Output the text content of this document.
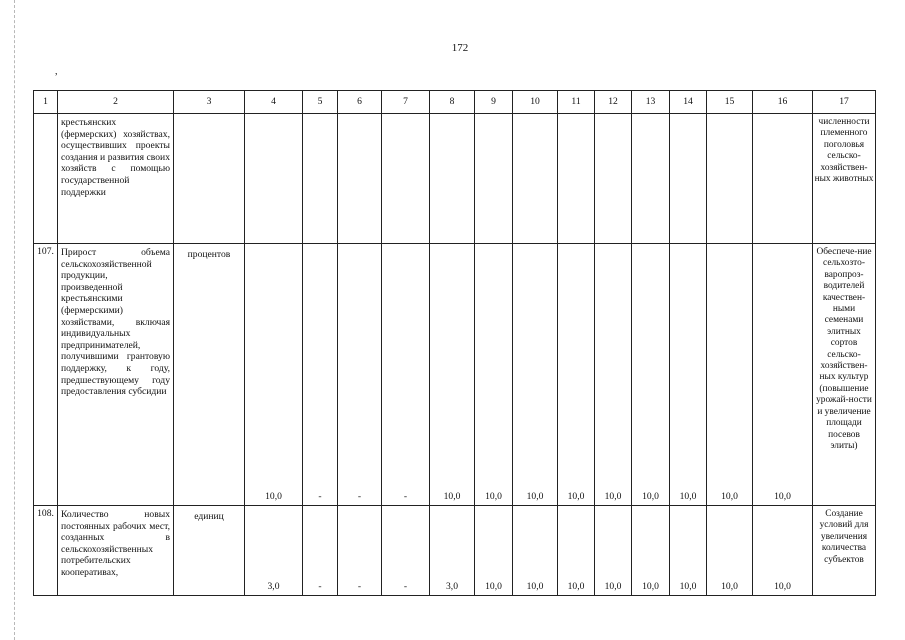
172
,
1	2	3	4	5	6	7	8	9	10	11	12	13	14	15	16	17
	крестьянских (фермерских) хозяйствах, осуществивших проекты создания и развития своих хозяйств с помощью государственной поддержки															численности племенного поголовья сельско-хозяйствен-ных животных
107.	Прирост объема сельскохозяйственной продукции, произведенной крестьянскими (фермерскими) хозяйствами, включая индивидуальных предпринимателей, получившими грантовую поддержку, к году, предшествующему году предоставления субсидии	процентов	10,0	-	-	-	10,0	10,0	10,0	10,0	10,0	10,0	10,0	10,0	10,0	Обеспече-ние сельхозто-варопроз-водителей качествен-ными семенами элитных сортов сельско-хозяйствен-ных культур (повышение урожай-ности и увеличение площади посевов элиты)
108.	Количество новых постоянных рабочих мест, созданных в сельскохозяйственных потребительских кооперативах,	единиц	3,0	-	-	-	3,0	10,0	10,0	10,0	10,0	10,0	10,0	10,0	10,0	Создание условий для увеличения количества субъектов
